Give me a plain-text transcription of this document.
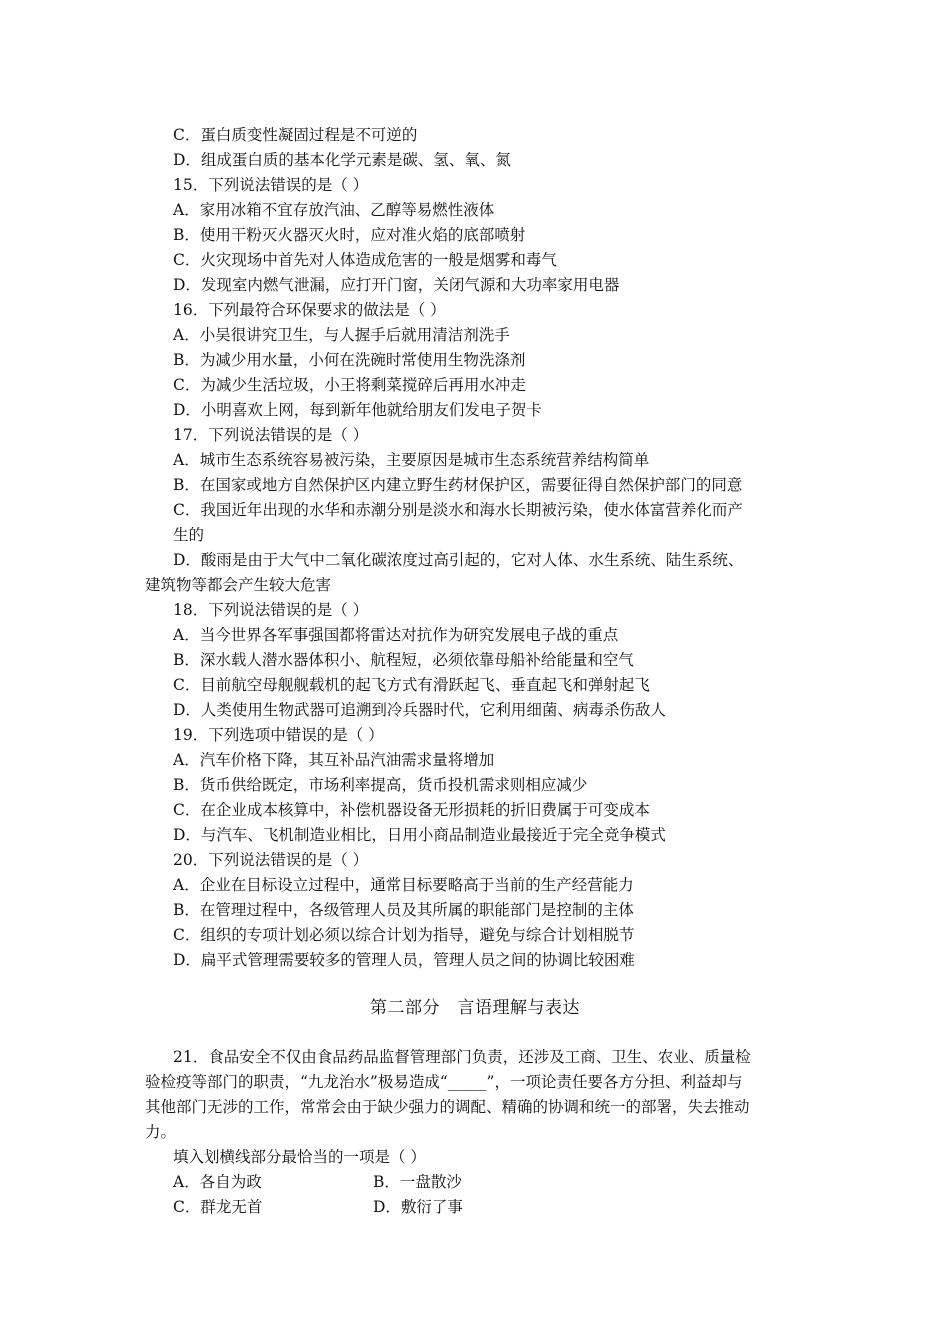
C．蛋白质变性凝固过程是不可逆的
D．组成蛋白质的基本化学元素是碳、氢、氧、氮
15．下列说法错误的是（ ）
A．家用冰箱不宜存放汽油、乙醇等易燃性液体
B．使用干粉灭火器灭火时，应对准火焰的底部喷射
C．火灾现场中首先对人体造成危害的一般是烟雾和毒气
D．发现室内燃气泄漏，应打开门窗，关闭气源和大功率家用电器
16．下列最符合环保要求的做法是（ ）
A．小吴很讲究卫生，与人握手后就用清洁剂洗手
B．为减少用水量，小何在洗碗时常使用生物洗涤剂
C．为减少生活垃圾，小王将剩菜搅碎后再用水冲走
D．小明喜欢上网，每到新年他就给朋友们发电子贺卡
17．下列说法错误的是（ ）
A．城市生态系统容易被污染，主要原因是城市生态系统营养结构简单
B．在国家或地方自然保护区内建立野生药材保护区，需要征得自然保护部门的同意
C．我国近年出现的水华和赤潮分别是淡水和海水长期被污染，使水体富营养化而产
生的
D．酸雨是由于大气中二氧化碳浓度过高引起的，它对人体、水生系统、陆生系统、
建筑物等都会产生较大危害
18．下列说法错误的是（ ）
A．当今世界各军事强国都将雷达对抗作为研究发展电子战的重点
B．深水载人潜水器体积小、航程短，必须依靠母船补给能量和空气
C．目前航空母舰舰载机的起飞方式有滑跃起飞、垂直起飞和弹射起飞
D．人类使用生物武器可追溯到冷兵器时代，它利用细菌、病毒杀伤敌人
19．下列选项中错误的是（ ）
A．汽车价格下降，其互补品汽油需求量将增加
B．货币供给既定，市场利率提高，货币投机需求则相应减少
C．在企业成本核算中，补偿机器设备无形损耗的折旧费属于可变成本
D．与汽车、飞机制造业相比，日用小商品制造业最接近于完全竞争模式
20．下列说法错误的是（ ）
A．企业在目标设立过程中，通常目标要略高于当前的生产经营能力
B．在管理过程中，各级管理人员及其所属的职能部门是控制的主体
C．组织的专项计划必须以综合计划为指导，避免与综合计划相脱节
D．扁平式管理需要较多的管理人员，管理人员之间的协调比较困难
第二部分　言语理解与表达
21．食品安全不仅由食品药品监督管理部门负责，还涉及工商、卫生、农业、质量检
验检疫等部门的职责，“九龙治水”极易造成“_____”，一项论责任要各方分担、利益却与
其他部门无涉的工作，常常会由于缺少强力的调配、精确的协调和统一的部署，失去推动
力。
填入划横线部分最恰当的一项是（ ）
A．各自为政	B．一盘散沙
C．群龙无首	D．敷衍了事
